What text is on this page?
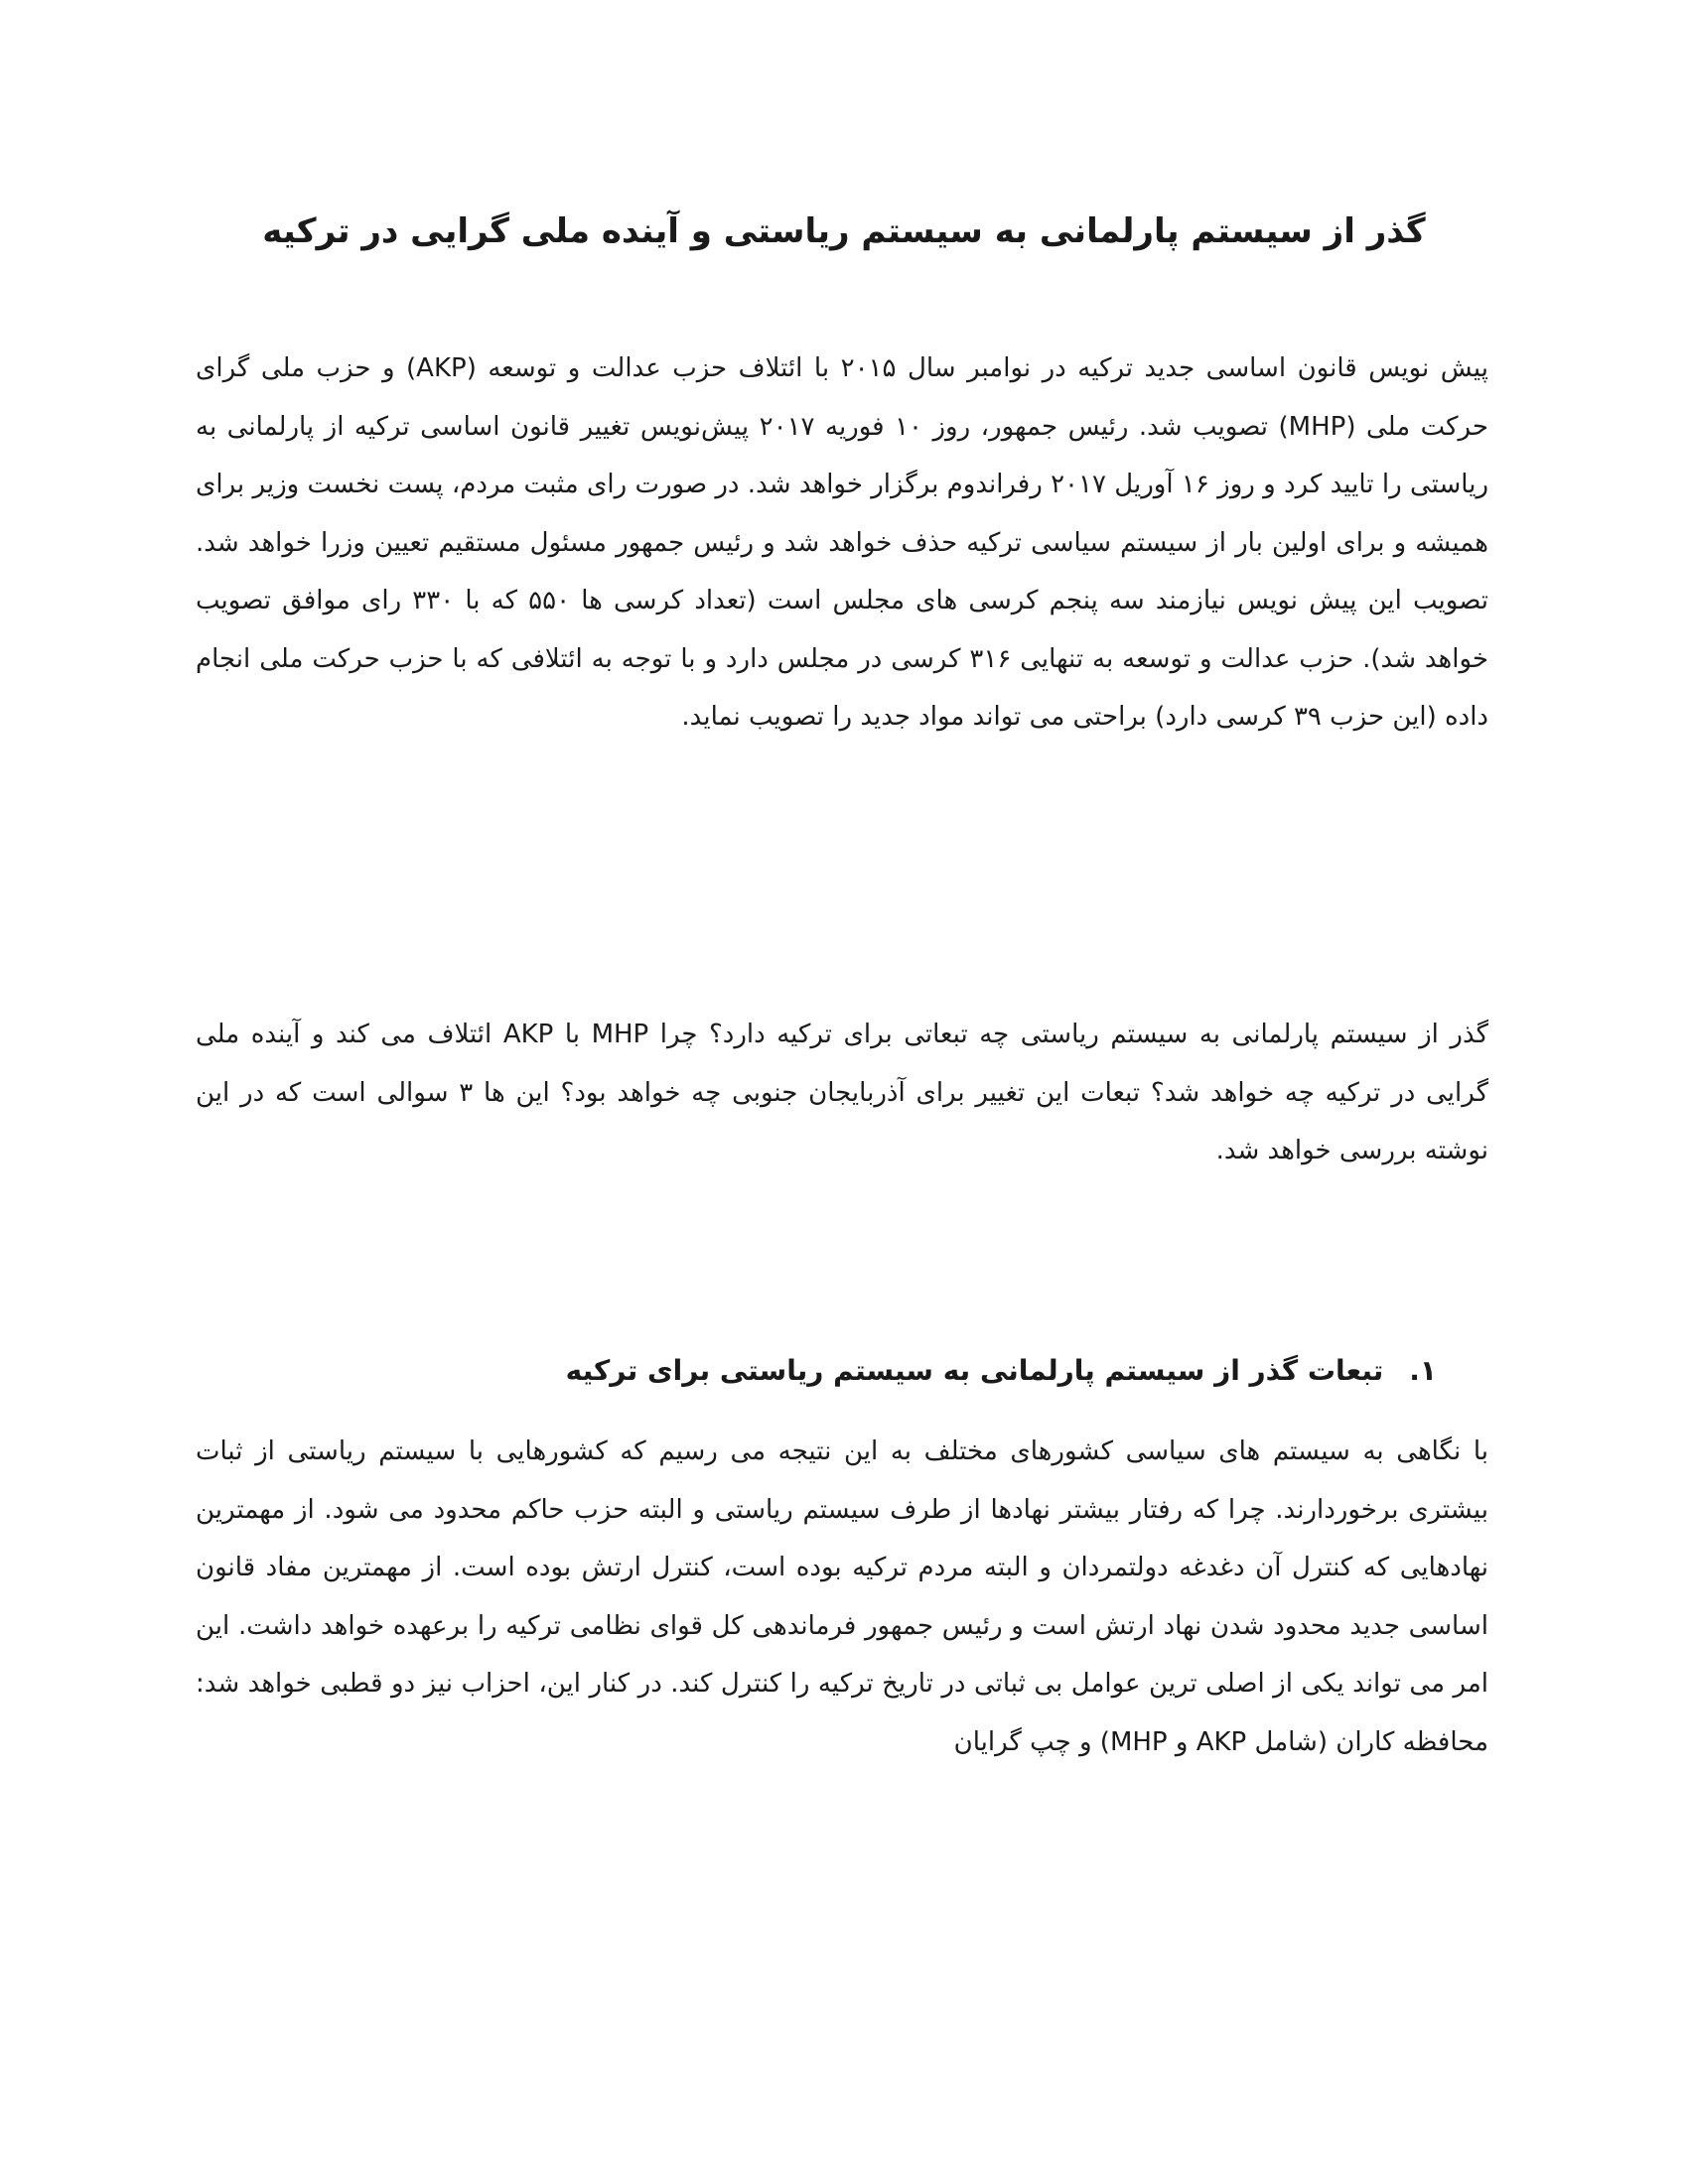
گذر از سیستم پارلمانی به سیستم ریاستی و آینده ملی گرایی در ترکیه

پیش نویس قانون اساسی جدید ترکیه در نوامبر سال ۲۰۱۵ با ائتلاف حزب عدالت و توسعه (AKP) و حزب ملی گرای حرکت ملی (MHP) تصویب شد. رئیس جمهور، روز ۱۰ فوریه ۲۰۱۷ پیش‌نویس تغییر قانون اساسی ترکیه از پارلمانی به ریاستی را تایید کرد و روز ۱۶ آوریل ۲۰۱۷ رفراندوم برگزار خواهد شد. در صورت رای مثبت مردم، پست نخست وزیر برای همیشه و برای اولین بار از سیستم سیاسی ترکیه حذف خواهد شد و رئیس جمهور مسئول مستقیم تعیین وزرا خواهد شد. تصویب این پیش نویس نیازمند سه پنجم کرسی های مجلس است (تعداد کرسی ها ۵۵۰ که با ۳۳۰ رای موافق تصویب خواهد شد). حزب عدالت و توسعه به تنهایی ۳۱۶ کرسی در مجلس دارد و با توجه به ائتلافی که با حزب حرکت ملی انجام داده (این حزب ۳۹ کرسی دارد) براحتی می تواند مواد جدید را تصویب نماید.

گذر از سیستم پارلمانی به سیستم ریاستی چه تبعاتی برای ترکیه دارد؟ چرا MHP با AKP ائتلاف می کند و آینده ملی گرایی در ترکیه چه خواهد شد؟ تبعات این تغییر برای آذربایجان جنوبی چه خواهد بود؟ این ها ۳ سوالی است که در این نوشته بررسی خواهد شد.

۱.تبعات گذر از سیستم پارلمانی به سیستم ریاستی برای ترکیه

با نگاهی به سیستم های سیاسی کشورهای مختلف به این نتیجه می رسیم که کشورهایی با سیستم ریاستی از ثبات بیشتری برخوردارند. چرا که رفتار بیشتر نهادها از طرف سیستم ریاستی و البته حزب حاکم محدود می شود. از مهمترین نهادهایی که کنترل آن دغدغه دولتمردان و البته مردم ترکیه بوده است، کنترل ارتش بوده است. از مهمترین مفاد قانون اساسی جدید محدود شدن نهاد ارتش است و رئیس جمهور فرماندهی کل قوای نظامی ترکیه را برعهده خواهد داشت. این امر می تواند یکی از اصلی ترین عوامل بی ثباتی در تاریخ ترکیه را کنترل کند. در کنار این، احزاب نیز دو قطبی خواهد شد: محافظه کاران (شامل AKP و MHP) و چپ گرایان
